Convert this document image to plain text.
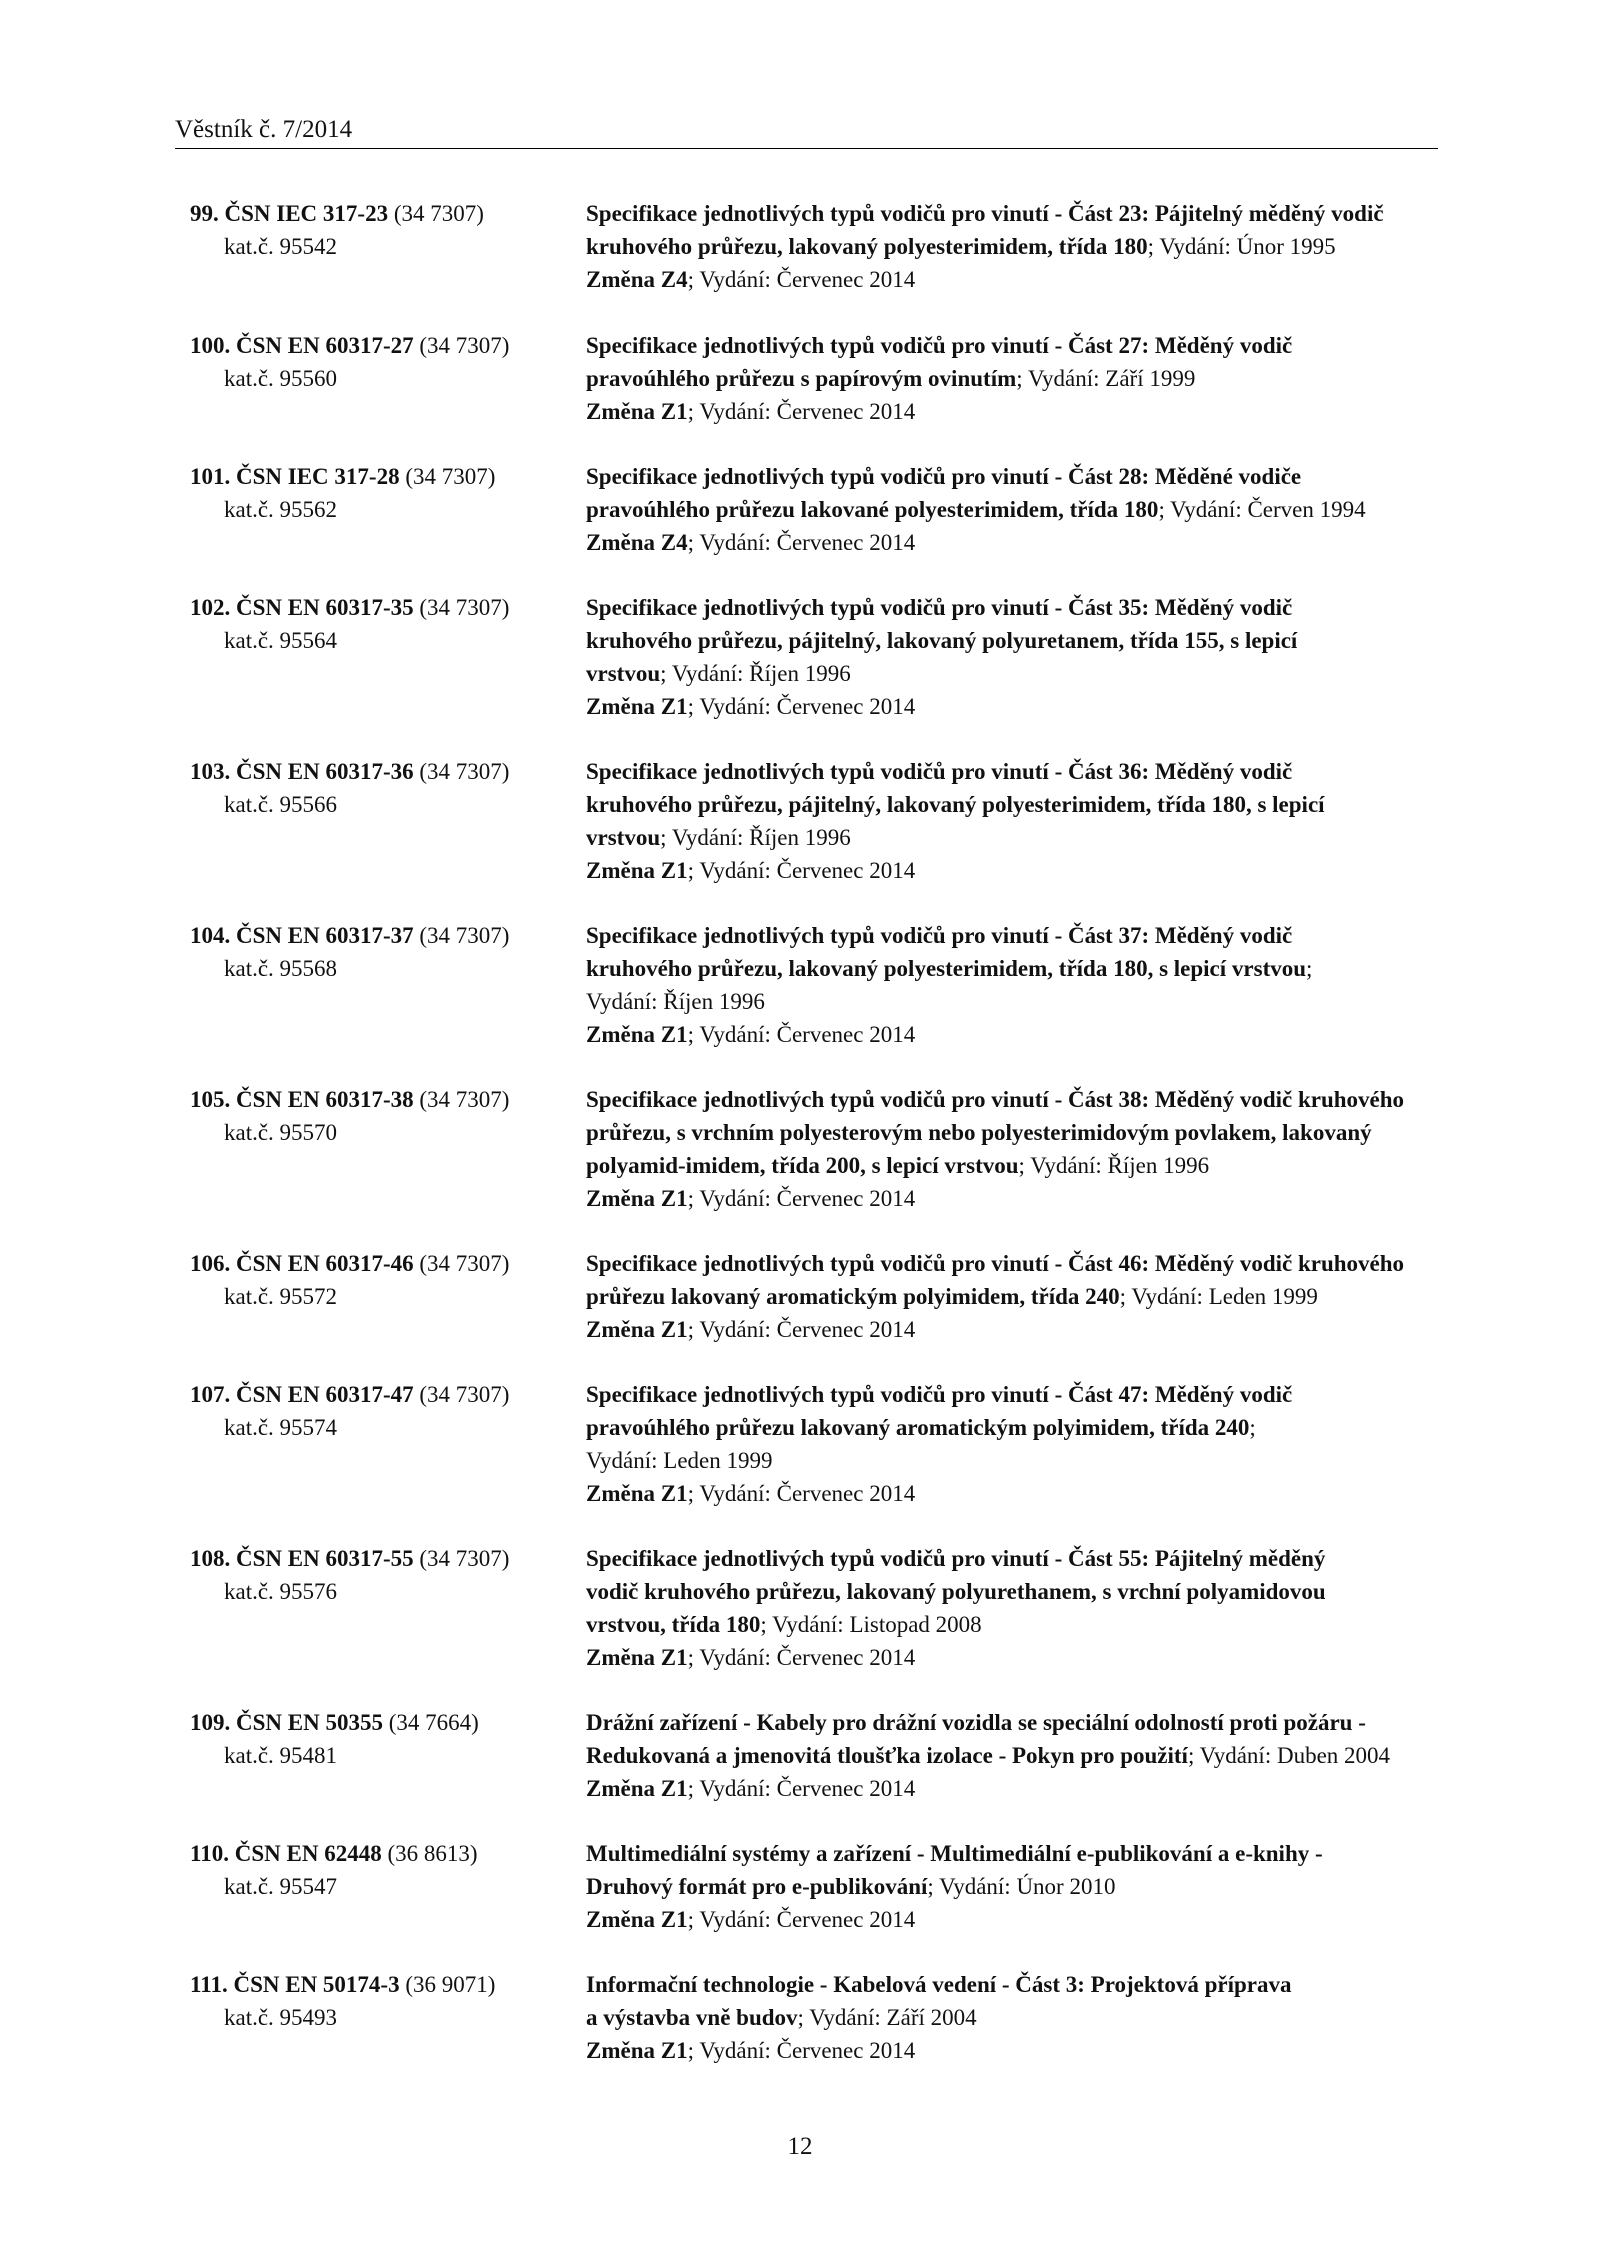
Věstník č. 7/2014
99. ČSN IEC 317-23 (34 7307)
kat.č. 95542
Specifikace jednotlivých typů vodičů pro vinutí - Část 23: Pájitelný měděný vodič
kruhového průřezu, lakovaný polyesterimidem, třída 180; Vydání: Únor 1995
Změna Z4; Vydání: Červenec 2014
100. ČSN EN 60317-27 (34 7307)
kat.č. 95560
Specifikace jednotlivých typů vodičů pro vinutí - Část 27: Měděný vodič
pravoúhlého průřezu s papírovým ovinutím; Vydání: Září 1999
Změna Z1; Vydání: Červenec 2014
101. ČSN IEC 317-28 (34 7307)
kat.č. 95562
Specifikace jednotlivých typů vodičů pro vinutí - Část 28: Měděné vodiče
pravoúhlého průřezu lakované polyesterimidem, třída 180; Vydání: Červen 1994
Změna Z4; Vydání: Červenec 2014
102. ČSN EN 60317-35 (34 7307)
kat.č. 95564
Specifikace jednotlivých typů vodičů pro vinutí - Část 35: Měděný vodič
kruhového průřezu, pájitelný, lakovaný polyuretanem, třída 155, s lepicí
vrstvou; Vydání: Říjen 1996
Změna Z1; Vydání: Červenec 2014
103. ČSN EN 60317-36 (34 7307)
kat.č. 95566
Specifikace jednotlivých typů vodičů pro vinutí - Část 36: Měděný vodič
kruhového průřezu, pájitelný, lakovaný polyesterimidem, třída 180, s lepicí
vrstvou; Vydání: Říjen 1996
Změna Z1; Vydání: Červenec 2014
104. ČSN EN 60317-37 (34 7307)
kat.č. 95568
Specifikace jednotlivých typů vodičů pro vinutí - Část 37: Měděný vodič
kruhového průřezu, lakovaný polyesterimidem, třída 180, s lepicí vrstvou;
Vydání: Říjen 1996
Změna Z1; Vydání: Červenec 2014
105. ČSN EN 60317-38 (34 7307)
kat.č. 95570
Specifikace jednotlivých typů vodičů pro vinutí - Část 38: Měděný vodič kruhového
průřezu, s vrchním polyesterovým nebo polyesterimidovým povlakem, lakovaný
polyamid-imidem, třída 200, s lepicí vrstvou; Vydání: Říjen 1996
Změna Z1; Vydání: Červenec 2014
106. ČSN EN 60317-46 (34 7307)
kat.č. 95572
Specifikace jednotlivých typů vodičů pro vinutí - Část 46: Měděný vodič kruhového
průřezu lakovaný aromatickým polyimidem, třída 240; Vydání: Leden 1999
Změna Z1; Vydání: Červenec 2014
107. ČSN EN 60317-47 (34 7307)
kat.č. 95574
Specifikace jednotlivých typů vodičů pro vinutí - Část 47: Měděný vodič
pravoúhlého průřezu lakovaný aromatickým polyimidem, třída 240;
Vydání: Leden 1999
Změna Z1; Vydání: Červenec 2014
108. ČSN EN 60317-55 (34 7307)
kat.č. 95576
Specifikace jednotlivých typů vodičů pro vinutí - Část 55: Pájitelný měděný
vodič kruhového průřezu, lakovaný polyurethanem, s vrchní polyamidovou
vrstvou, třída 180; Vydání: Listopad 2008
Změna Z1; Vydání: Červenec 2014
109. ČSN EN 50355 (34 7664)
kat.č. 95481
Drážní zařízení - Kabely pro drážní vozidla se speciální odolností proti požáru -
Redukovaná a jmenovitá tloušťka izolace - Pokyn pro použití; Vydání: Duben 2004
Změna Z1; Vydání: Červenec 2014
110. ČSN EN 62448 (36 8613)
kat.č. 95547
Multimediální systémy a zařízení - Multimediální e-publikování a e-knihy -
Druhový formát pro e-publikování; Vydání: Únor 2010
Změna Z1; Vydání: Červenec 2014
111. ČSN EN 50174-3 (36 9071)
kat.č. 95493
Informační technologie - Kabelová vedení - Část 3: Projektová příprava
a výstavba vně budov; Vydání: Září 2004
Změna Z1; Vydání: Červenec 2014
12
